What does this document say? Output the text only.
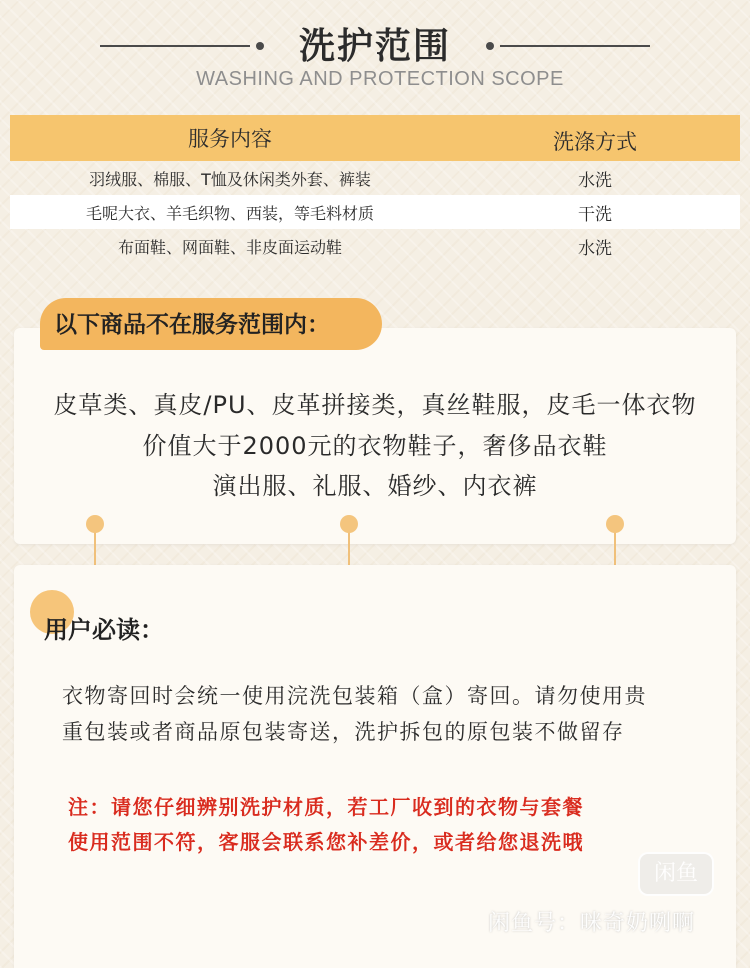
洗护范围
WASHING AND PROTECTION SCOPE
服务内容	洗涤方式
羽绒服、棉服、T恤及休闲类外套、裤装	水洗
毛呢大衣、羊毛织物、西装，等毛料材质	干洗
布面鞋、网面鞋、非皮面运动鞋	水洗
以下商品不在服务范围内：
皮草类、真皮/PU、皮革拼接类，真丝鞋服，皮毛一体衣物
价值大于2000元的衣物鞋子，奢侈品衣鞋
演出服、礼服、婚纱、内衣裤
用户必读：
衣物寄回时会统一使用浣洗包装箱（盒）寄回。请勿使用贵
重包装或者商品原包装寄送，洗护拆包的原包装不做留存
注：请您仔细辨别洗护材质，若工厂收到的衣物与套餐
使用范围不符，客服会联系您补差价，或者给您退洗哦
闲鱼
闲鱼号：咪奇奶咧啊
